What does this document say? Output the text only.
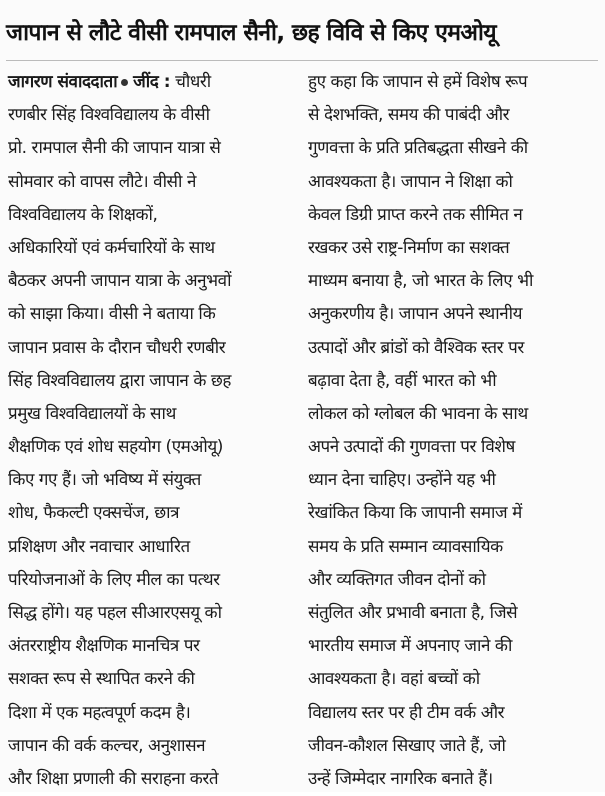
जापान से लौटे वीसी रामपाल सैनी, छह विवि से किए एमओयू
जागरण संवाददाता जींद : चौधरी
रणबीर सिंह विश्वविद्यालय के वीसी
प्रो. रामपाल सैनी की जापान यात्रा से
सोमवार को वापस लौटे। वीसी ने
विश्वविद्यालय के शिक्षकों,
अधिकारियों एवं कर्मचारियों के साथ
बैठकर अपनी जापान यात्रा के अनुभवों
को साझा किया। वीसी ने बताया कि
जापान प्रवास के दौरान चौधरी रणबीर
सिंह विश्वविद्यालय द्वारा जापान के छह
प्रमुख विश्वविद्यालयों के साथ
शैक्षणिक एवं शोध सहयोग (एमओयू)
किए गए हैं। जो भविष्य में संयुक्त
शोध, फैकल्टी एक्सचेंज, छात्र
प्रशिक्षण और नवाचार आधारित
परियोजनाओं के लिए मील का पत्थर
सिद्ध होंगे। यह पहल सीआरएसयू को
अंतरराष्ट्रीय शैक्षणिक मानचित्र पर
सशक्त रूप से स्थापित करने की
दिशा में एक महत्वपूर्ण कदम है।
जापान की वर्क कल्चर, अनुशासन
और शिक्षा प्रणाली की सराहना करते
हुए कहा कि जापान से हमें विशेष रूप
से देशभक्ति, समय की पाबंदी और
गुणवत्ता के प्रति प्रतिबद्धता सीखने की
आवश्यकता है। जापान ने शिक्षा को
केवल डिग्री प्राप्त करने तक सीमित न
रखकर उसे राष्ट्र-निर्माण का सशक्त
माध्यम बनाया है, जो भारत के लिए भी
अनुकरणीय है। जापान अपने स्थानीय
उत्पादों और ब्रांडों को वैश्विक स्तर पर
बढ़ावा देता है, वहीं भारत को भी
लोकल को ग्लोबल की भावना के साथ
अपने उत्पादों की गुणवत्ता पर विशेष
ध्यान देना चाहिए। उन्होंने यह भी
रेखांकित किया कि जापानी समाज में
समय के प्रति सम्मान व्यावसायिक
और व्यक्तिगत जीवन दोनों को
संतुलित और प्रभावी बनाता है, जिसे
भारतीय समाज में अपनाए जाने की
आवश्यकता है। वहां बच्चों को
विद्यालय स्तर पर ही टीम वर्क और
जीवन-कौशल सिखाए जाते हैं, जो
उन्हें जिम्मेदार नागरिक बनाते हैं।
